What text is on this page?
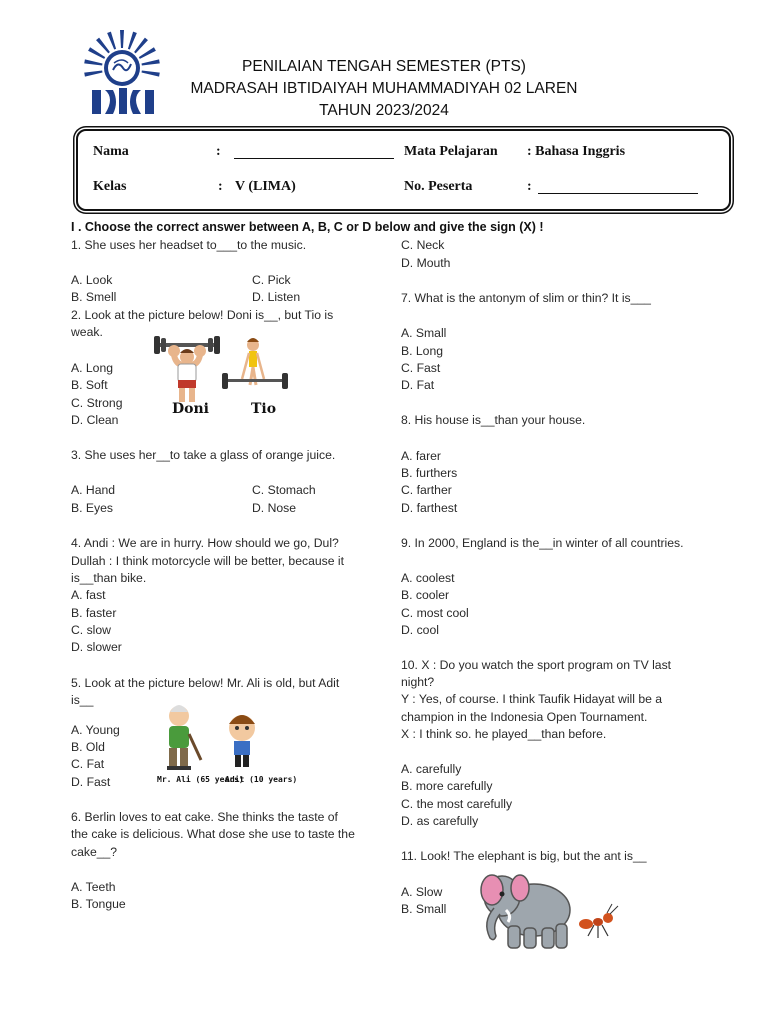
PENILAIAN TENGAH SEMESTER (PTS)
MADRASAH IBTIDAIYAH MUHAMMADIYAH 02 LAREN
TAHUN 2023/2024
Nama	:	Mata Pelajaran : Bahasa Inggris
Kelas	: V (LIMA)	No. Peserta	:
I . Choose the correct answer between A, B, C or D below and give the sign (X) !
1. She uses her headset to___to the music.
A. Look
B. Smell
C. Pick
D. Listen
2. Look at the picture below! Doni is__, but Tio is
weak.
A. Long
B. Soft
C. Strong
D. Clean
Doni	Tio
3. She uses her__to take a glass of orange juice.
A. Hand
B. Eyes
C. Stomach
D. Nose
4. Andi : We are in hurry. How should we go, Dul?
Dullah : I think motorcycle will be better, because it
is__than bike.
A. fast
B. faster
C. slow
D. slower
5. Look at the picture below! Mr. Ali is old, but Adit
is__
A. Young
B. Old
C. Fat
D. Fast	Mr. Ali (65 years)
Adit (10 years)
6. Berlin loves to eat cake. She thinks the taste of
the cake is delicious. What dose she use to taste the
cake__?
A. Teeth
B. Tongue
C. Neck
D. Mouth
7. What is the antonym of slim or thin? It is___
A. Small
B. Long
C. Fast
D. Fat
8. His house is__than your house.
A. farer
B. furthers
C. farther
D. farthest
9. In 2000, England is the__in winter of all countries.
A. coolest
B. cooler
C. most cool
D. cool
10. X : Do you watch the sport program on TV last
night?
Y : Yes, of course. I think Taufik Hidayat will be a
champion in the Indonesia Open Tournament.
X : I think so. he played__than before.
A. carefully
B. more carefully
C. the most carefully
D. as carefully
11. Look! The elephant is big, but the ant is__
A. Slow
B. Small
